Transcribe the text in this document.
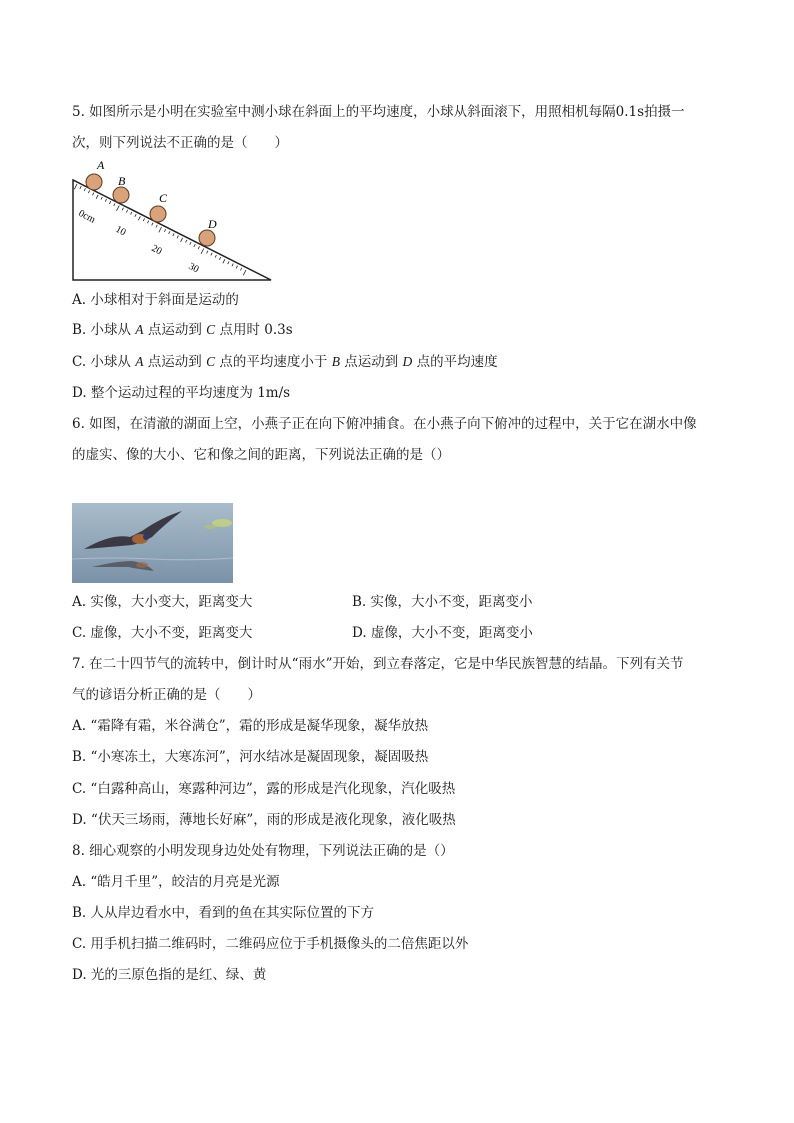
5. 如图所示是小明在实验室中测小球在斜面上的平均速度，小球从斜面滚下，用照相机每隔0.1s拍摄一
次，则下列说法不正确的是（　　）
A
B
C
D
0cm
10
20
30
A. 小球相对于斜面是运动的
B. 小球从 A 点运动到 C 点用时 0.3s
C. 小球从 A 点运动到 C 点的平均速度小于 B 点运动到 D 点的平均速度
D. 整个运动过程的平均速度为 1m/s
6. 如图，在清澈的湖面上空，小燕子正在向下俯冲捕食。在小燕子向下俯冲的过程中，关于它在湖水中像
的虚实、像的大小、它和像之间的距离，下列说法正确的是（）
A. 实像，大小变大，距离变大	B. 实像，大小不变，距离变小
C. 虚像，大小不变，距离变大	D. 虚像，大小不变，距离变小
7. 在二十四节气的流转中，倒计时从“雨水”开始，到立春落定，它是中华民族智慧的结晶。下列有关节
气的谚语分析正确的是（　　）
A. “霜降有霜，米谷满仓”，霜的形成是凝华现象，凝华放热
B. “小寒冻土，大寒冻河”，河水结冰是凝固现象，凝固吸热
C. “白露种高山，寒露种河边”，露的形成是汽化现象，汽化吸热
D. “伏天三场雨，薄地长好麻”，雨的形成是液化现象，液化吸热
8. 细心观察的小明发现身边处处有物理，下列说法正确的是（）
A. “皓月千里”，皎洁的月亮是光源
B. 人从岸边看水中，看到的鱼在其实际位置的下方
C. 用手机扫描二维码时，二维码应位于手机摄像头的二倍焦距以外
D. 光的三原色指的是红、绿、黄
